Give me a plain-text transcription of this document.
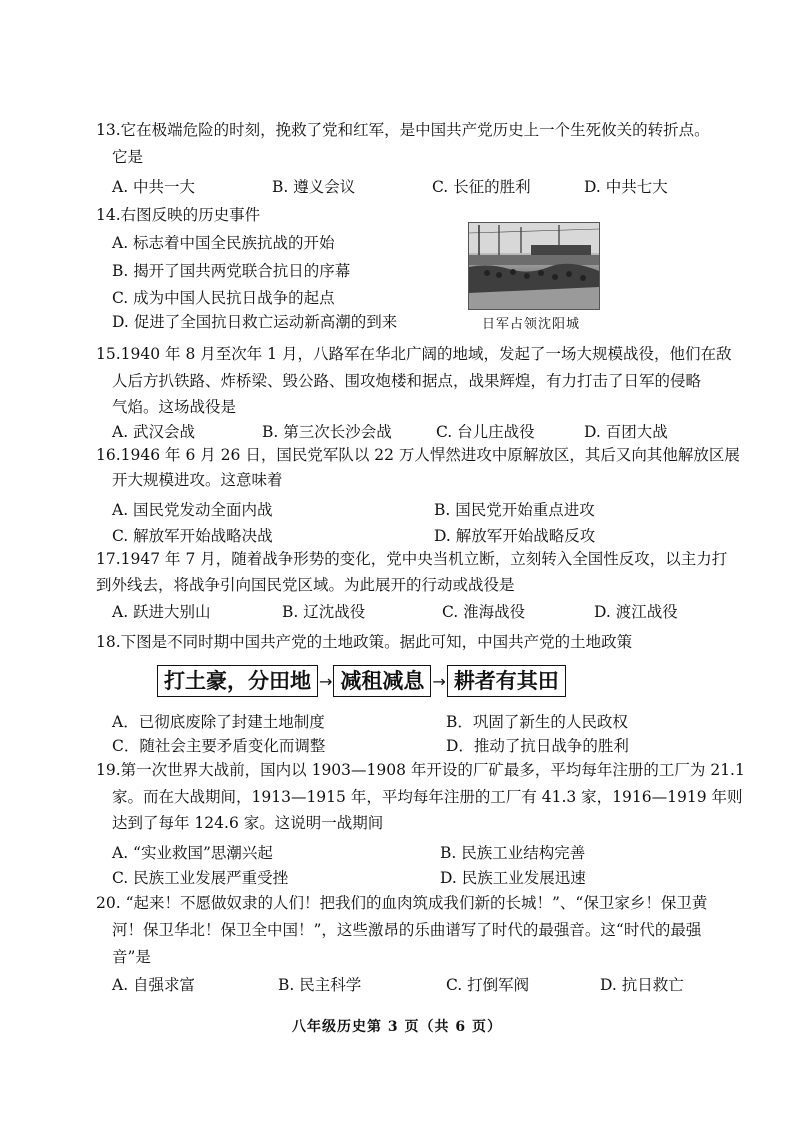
13.它在极端危险的时刻，挽救了党和红军，是中国共产党历史上一个生死攸关的转折点。
它是
A. 中共一大	B. 遵义会议	C. 长征的胜利	D. 中共七大
14.右图反映的历史事件
A. 标志着中国全民族抗战的开始
B. 揭开了国共两党联合抗日的序幕
C. 成为中国人民抗日战争的起点
D. 促进了全国抗日救亡运动新高潮的到来	日军占领沈阳城
15.1940 年 8 月至次年 1 月，八路军在华北广阔的地域，发起了一场大规模战役，他们在敌
人后方扒铁路、炸桥梁、毁公路、围攻炮楼和据点，战果辉煌，有力打击了日军的侵略
气焰。这场战役是
A. 武汉会战	B. 第三次长沙会战	C. 台儿庄战役	D. 百团大战
16.1946 年 6 月 26 日，国民党军队以 22 万人悍然进攻中原解放区，其后又向其他解放区展
开大规模进攻。这意味着
A. 国民党发动全面内战	B. 国民党开始重点进攻
C. 解放军开始战略决战	D. 解放军开始战略反攻
17.1947 年 7 月，随着战争形势的变化，党中央当机立断，立刻转入全国性反攻，以主力打
到外线去，将战争引向国民党区域。为此展开的行动或战役是
A. 跃进大别山	B. 辽沈战役	C. 淮海战役	D. 渡江战役
18.下图是不同时期中国共产党的土地政策。据此可知，中国共产党的土地政策
打土豪，分田地 → 减租减息 → 耕者有其田
A．已彻底废除了封建土地制度	B．巩固了新生的人民政权
C．随社会主要矛盾变化而调整	D．推动了抗日战争的胜利
19.第一次世界大战前，国内以 1903—1908 年开设的厂矿最多，平均每年注册的工厂为 21.1
家。而在大战期间，1913—1915 年，平均每年注册的工厂有 41.3 家，1916—1919 年则
达到了每年 124.6 家。这说明一战期间
A. “实业救国”思潮兴起	B. 民族工业结构完善
C. 民族工业发展严重受挫	D. 民族工业发展迅速
20. “起来！不愿做奴隶的人们！把我们的血肉筑成我们新的长城！”、“保卫家乡！保卫黄
河！保卫华北！保卫全中国！”，这些激昂的乐曲谱写了时代的最强音。这“时代的最强
音”是
A. 自强求富	B. 民主科学	C. 打倒军阀	D. 抗日救亡
八年级历史第 3 页（共 6 页）
